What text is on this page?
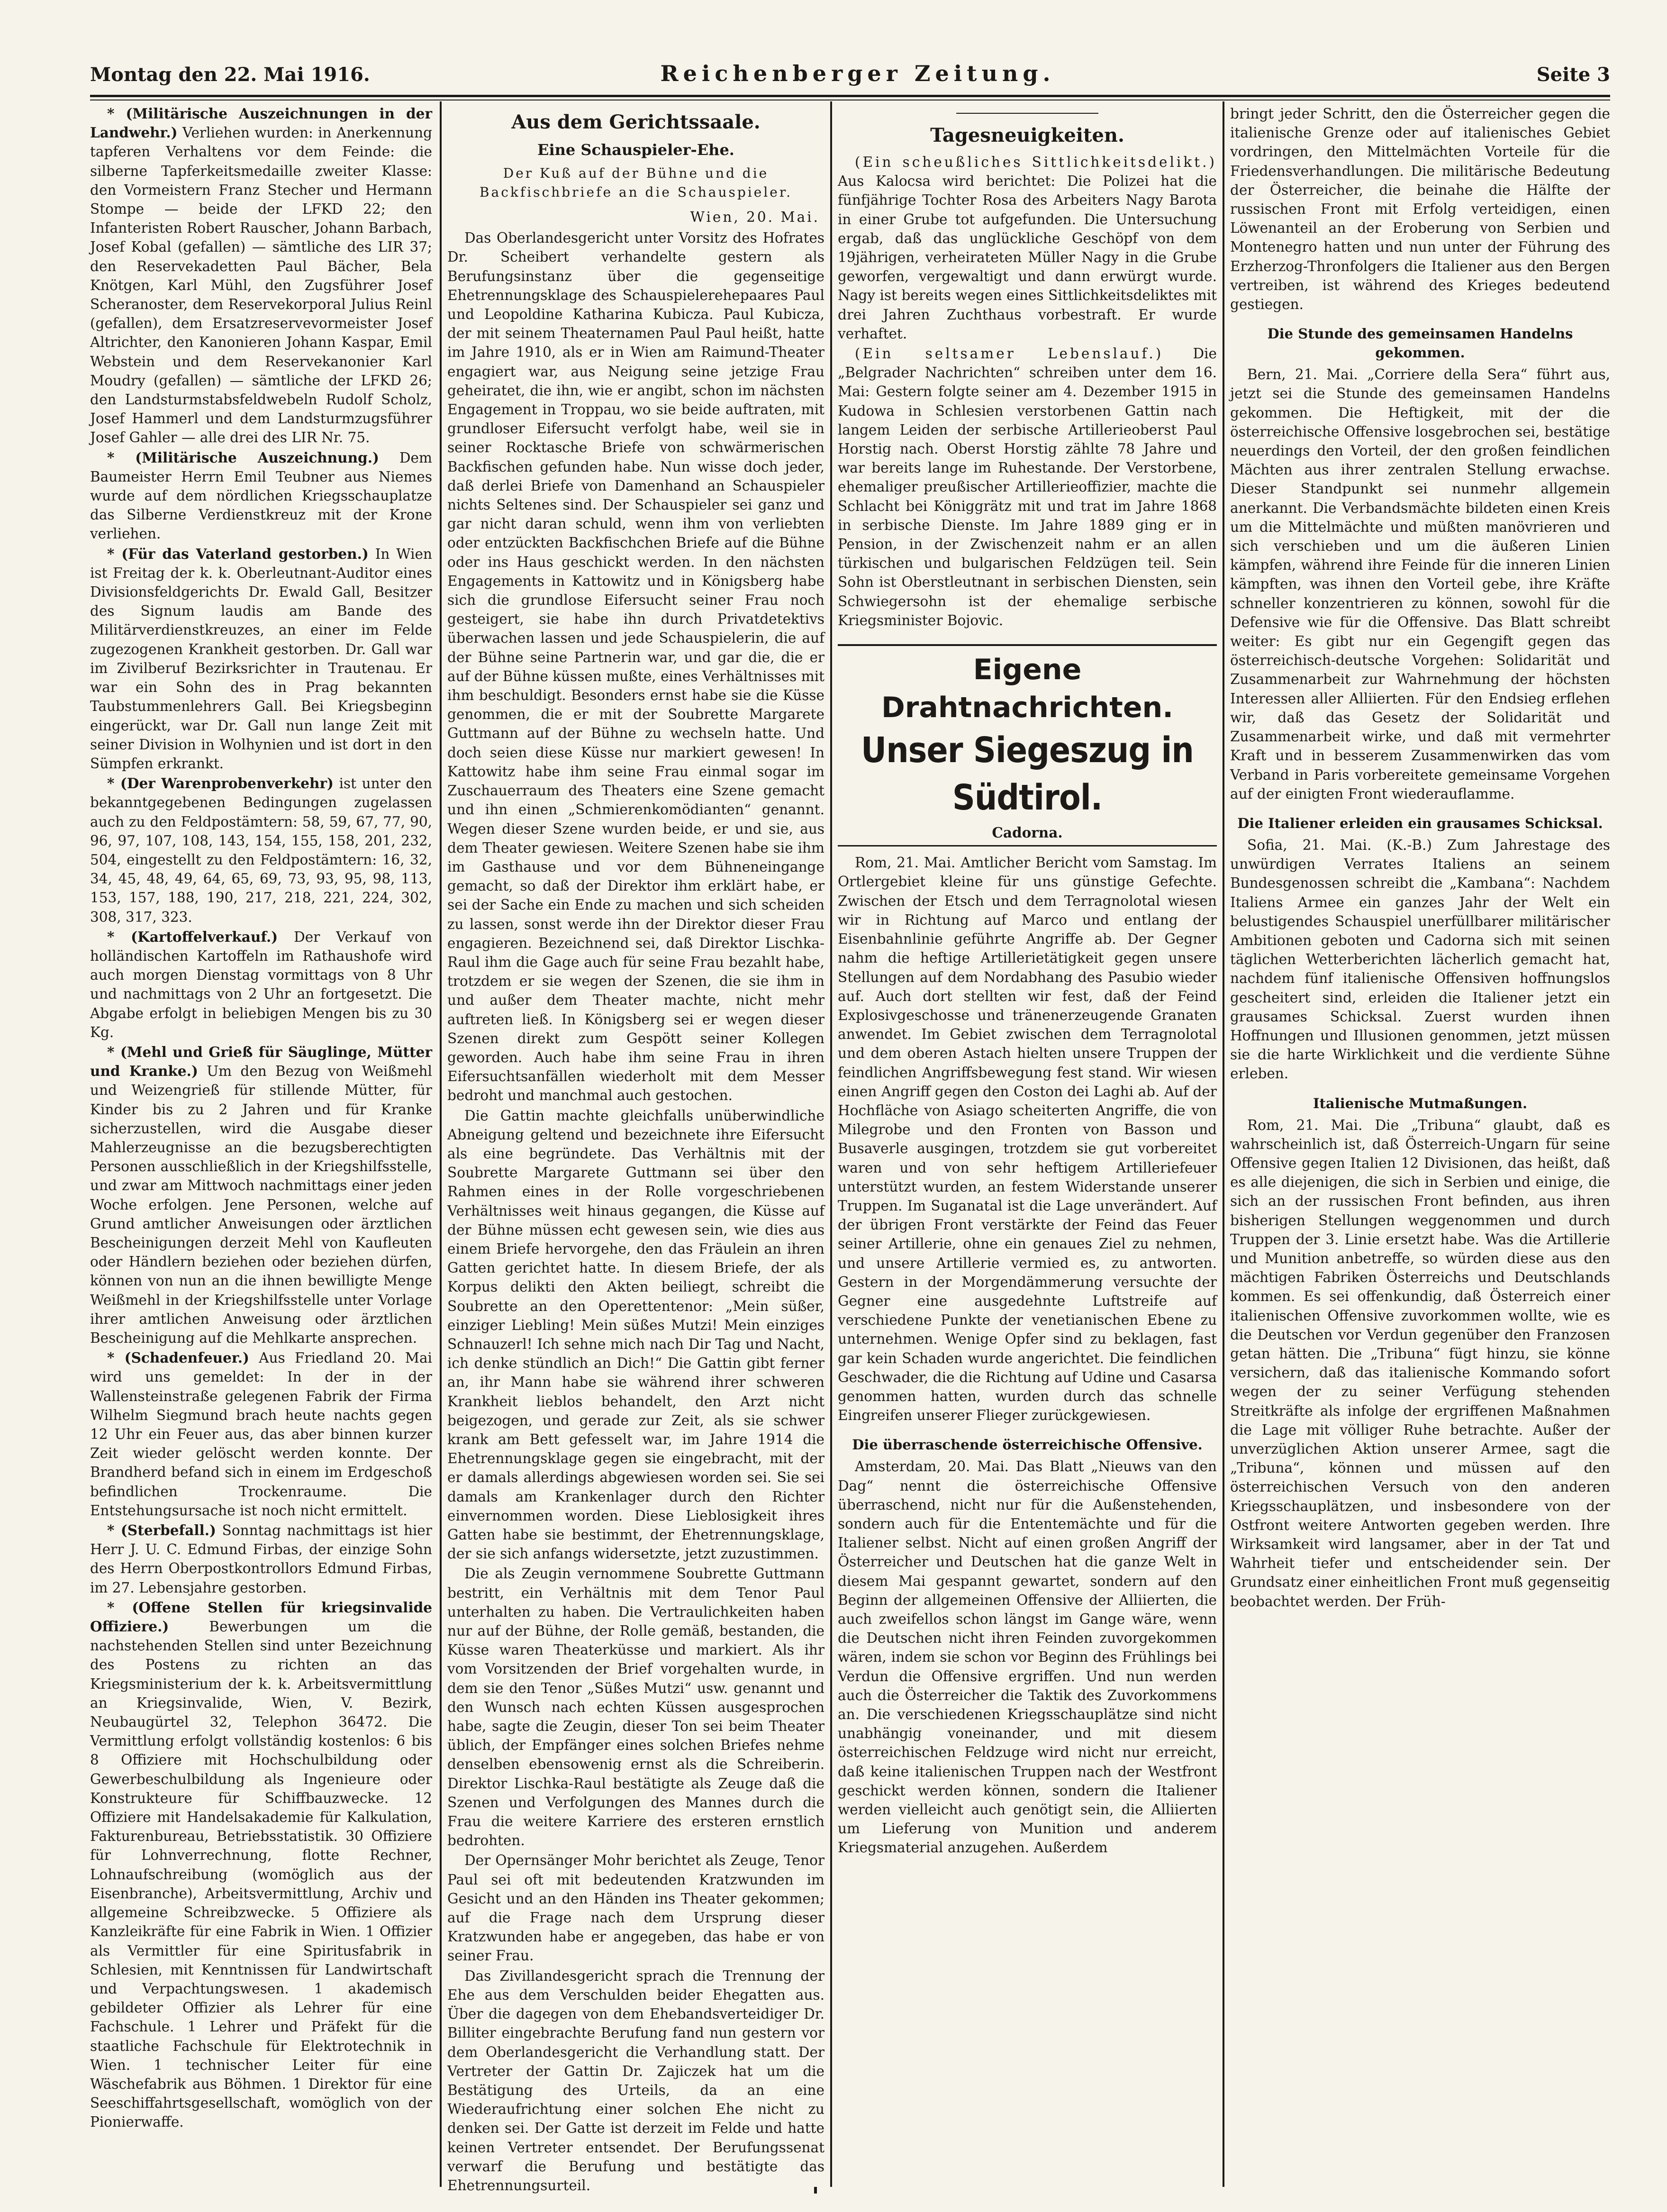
Montag den 22. Mai 1916.	Reichenberger Zeitung.	Seite 3

* (Militärische Auszeichnungen in der Landwehr.) Verliehen wurden: in Anerkennung tapferen Verhaltens vor dem Feinde: die silberne Tapferkeitsmedaille zweiter Klasse: den Vormeistern Franz Stecher und Hermann Stompe — beide der LFKD 22; den Infanteristen Robert Rauscher, Johann Barbach, Josef Kobal (gefallen) — sämtliche des LIR 37; den Reservekadetten Paul Bächer, Bela Knötgen, Karl Mühl, den Zugsführer Josef Scheranoster, dem Reservekorporal Julius Reinl (gefallen), dem Ersatzreservevormeister Josef Altrichter, den Kanonieren Johann Kaspar, Emil Webstein und dem Reservekanonier Karl Moudry (gefallen) — sämtliche der LFKD 26; den Landsturmstabsfeldwebeln Rudolf Scholz, Josef Hammerl und dem Landsturmzugsführer Josef Gahler — alle drei des LIR Nr. 75.

* (Militärische Auszeichnung.) Dem Baumeister Herrn Emil Teubner aus Niemes wurde auf dem nördlichen Kriegsschauplatze das Silberne Verdienstkreuz mit der Krone verliehen.

* (Für das Vaterland gestorben.) In Wien ist Freitag der k. k. Oberleutnant-Auditor eines Divisionsfeldgerichts Dr. Ewald Gall, Besitzer des Signum laudis am Bande des Militärverdienstkreuzes, an einer im Felde zugezogenen Krankheit gestorben. Dr. Gall war im Zivilberuf Bezirksrichter in Trautenau. Er war ein Sohn des in Prag bekannten Taubstummenlehrers Gall. Bei Kriegsbeginn eingerückt, war Dr. Gall nun lange Zeit mit seiner Division in Wolhynien und ist dort in den Sümpfen erkrankt.

* (Der Warenprobenverkehr) ist unter den bekanntgegebenen Bedingungen zugelassen auch zu den Feldpostämtern: 58, 59, 67, 77, 90, 96, 97, 107, 108, 143, 154, 155, 158, 201, 232, 504, eingestellt zu den Feldpostämtern: 16, 32, 34, 45, 48, 49, 64, 65, 69, 73, 93, 95, 98, 113, 153, 157, 188, 190, 217, 218, 221, 224, 302, 308, 317, 323.

* (Kartoffelverkauf.) Der Verkauf von holländischen Kartoffeln im Rathaushofe wird auch morgen Dienstag vormittags von 8 Uhr und nachmittags von 2 Uhr an fortgesetzt. Die Abgabe erfolgt in beliebigen Mengen bis zu 30 Kg.

* (Mehl und Grieß für Säuglinge, Mütter und Kranke.) Um den Bezug von Weißmehl und Weizengrieß für stillende Mütter, für Kinder bis zu 2 Jahren und für Kranke sicherzustellen, wird die Ausgabe dieser Mahlerzeugnisse an die bezugsberechtigten Personen ausschließlich in der Kriegshilfsstelle, und zwar am Mittwoch nachmittags einer jeden Woche erfolgen. Jene Personen, welche auf Grund amtlicher Anweisungen oder ärztlichen Bescheinigungen derzeit Mehl von Kaufleuten oder Händlern beziehen oder beziehen dürfen, können von nun an die ihnen bewilligte Menge Weißmehl in der Kriegshilfsstelle unter Vorlage ihrer amtlichen Anweisung oder ärztlichen Bescheinigung auf die Mehlkarte ansprechen.

* (Schadenfeuer.) Aus Friedland 20. Mai wird uns gemeldet: In der in der Wallensteinstraße gelegenen Fabrik der Firma Wilhelm Siegmund brach heute nachts gegen 12 Uhr ein Feuer aus, das aber binnen kurzer Zeit wieder gelöscht werden konnte. Der Brandherd befand sich in einem im Erdgeschoß befindlichen Trockenraume. Die Entstehungsursache ist noch nicht ermittelt.

* (Sterbefall.) Sonntag nachmittags ist hier Herr J. U. C. Edmund Firbas, der einzige Sohn des Herrn Oberpostkontrollors Edmund Firbas, im 27. Lebensjahre gestorben.

* (Offene Stellen für kriegsinvalide Offiziere.)	Bewerbungen um die nachstehenden Stellen sind unter Bezeichnung des Postens zu richten an das Kriegsministerium der k. k. Arbeitsvermittlung an Kriegsinvalide, Wien, V. Bezirk, Neubaugürtel 32, Telephon 36472. Die Vermittlung erfolgt vollständig kostenlos: 6 bis 8 Offiziere mit Hochschulbildung oder Gewerbeschulbildung als Ingenieure oder Konstrukteure für Schiffbauzwecke. 12 Offiziere mit Handelsakademie für Kalkulation, Fakturenbureau, Betriebsstatistik. 30 Offiziere für Lohnverrechnung, flotte Rechner, Lohnaufschreibung (womöglich aus der Eisenbranche), Arbeitsvermittlung, Archiv und allgemeine Schreibzwecke. 5 Offiziere als Kanzleikräfte für eine Fabrik in Wien. 1 Offizier als Vermittler für eine Spiritusfabrik in Schlesien, mit Kenntnissen für Landwirtschaft und Verpachtungswesen. 1 akademisch gebildeter Offizier als Lehrer für eine Fachschule. 1 Lehrer und Präfekt für die staatliche Fachschule für Elektrotechnik in Wien. 1 technischer Leiter für eine Wäschefabrik aus Böhmen. 1 Direktor für eine Seeschiffahrtsgesellschaft, womöglich von der Pionierwaffe.

Aus dem Gerichtssaale.
Eine Schauspieler-Ehe.
Der Kuß auf der Bühne und die Backfischbriefe an die Schauspieler.
Wien, 20. Mai.

Das Oberlandesgericht unter Vorsitz des Hofrates Dr. Scheibert verhandelte gestern als Berufungsinstanz über die gegenseitige Ehetrennungsklage des Schauspielerehepaares Paul und Leopoldine Katharina Kubicza. Paul Kubicza, der mit seinem Theaternamen Paul Paul heißt, hatte im Jahre 1910, als er in Wien am Raimund-Theater engagiert war, aus Neigung seine jetzige Frau geheiratet, die ihn, wie er angibt, schon im nächsten Engagement in Troppau, wo sie beide auftraten, mit grundloser Eifersucht verfolgt habe, weil sie in seiner Rocktasche Briefe von schwärmerischen Backfischen gefunden habe. Nun wisse doch jeder, daß derlei Briefe von Damenhand an Schauspieler nichts Seltenes sind. Der Schauspieler sei ganz und gar nicht daran schuld, wenn ihm von verliebten oder entzückten Backfischchen Briefe auf die Bühne oder ins Haus geschickt werden. In den nächsten Engagements in Kattowitz und in Königsberg habe sich die grundlose Eifersucht seiner Frau noch gesteigert, sie habe ihn durch Privatdetektivs überwachen lassen und jede Schauspielerin, die auf der Bühne seine Partnerin war, und gar die, die er auf der Bühne küssen mußte, eines Verhältnisses mit ihm beschuldigt. Besonders ernst habe sie die Küsse genommen, die er mit der Soubrette Margarete Guttmann auf der Bühne zu wechseln hatte. Und doch seien diese Küsse nur markiert gewesen! In Kattowitz habe ihm seine Frau einmal sogar im Zuschauerraum des Theaters eine Szene gemacht und ihn einen „Schmierenkomödianten“ genannt. Wegen dieser Szene wurden beide, er und sie, aus dem Theater gewiesen. Weitere Szenen habe sie ihm im Gasthause und vor dem Bühneneingange gemacht, so daß der Direktor ihm erklärt habe, er sei der Sache ein Ende zu machen und sich scheiden zu lassen, sonst werde ihn der Direktor dieser Frau engagieren. Bezeichnend sei, daß Direktor Lischka-Raul ihm die Gage auch für seine Frau bezahlt habe, trotzdem er sie wegen der Szenen, die sie ihm in und außer dem Theater machte, nicht mehr auftreten ließ. In Königsberg sei er wegen dieser Szenen direkt zum Gespött seiner Kollegen geworden. Auch habe ihm seine Frau in ihren Eifersuchtsanfällen wiederholt mit dem Messer bedroht und manchmal auch gestochen.

Die Gattin machte gleichfalls unüberwindliche Abneigung geltend und bezeichnete ihre Eifersucht als eine begründete. Das Verhältnis mit der Soubrette Margarete Guttmann sei über den Rahmen eines in der Rolle vorgeschriebenen Verhältnisses weit hinaus gegangen, die Küsse auf der Bühne müssen echt gewesen sein, wie dies aus einem Briefe hervorgehe, den das Fräulein an ihren Gatten gerichtet hatte. In diesem Briefe, der als Korpus delikti den Akten beiliegt, schreibt die Soubrette an den Operettentenor: „Mein süßer, einziger Liebling! Mein süßes Mutzi! Mein einziges Schnauzerl! Ich sehne mich nach Dir Tag und Nacht, ich denke stündlich an Dich!“ Die Gattin gibt ferner an, ihr Mann habe sie während ihrer schweren Krankheit lieblos behandelt, den Arzt nicht beigezogen, und gerade zur Zeit, als sie schwer krank am Bett gefesselt war, im Jahre 1914 die Ehetrennungsklage gegen sie eingebracht, mit der er damals allerdings abgewiesen worden sei. Sie sei damals am Krankenlager durch den Richter einvernommen worden. Diese Lieblosigkeit ihres Gatten habe sie bestimmt, der Ehetrennungsklage, der sie sich anfangs widersetzte, jetzt zuzustimmen.

Die als Zeugin vernommene Soubrette Guttmann bestritt, ein Verhältnis mit dem Tenor Paul unterhalten zu haben. Die Vertraulichkeiten haben nur auf der Bühne, der Rolle gemäß, bestanden, die Küsse waren Theaterküsse und markiert. Als ihr vom Vorsitzenden der Brief vorgehalten wurde, in dem sie den Tenor „Süßes Mutzi“ usw. genannt und den Wunsch nach echten Küssen ausgesprochen habe, sagte die Zeugin, dieser Ton sei beim Theater üblich, der Empfänger eines solchen Briefes nehme denselben ebensowenig ernst als die Schreiberin. Direktor Lischka-Raul bestätigte als Zeuge daß die Szenen und Verfolgungen des Mannes durch die Frau die weitere Karriere des ersteren ernstlich bedrohten.

Der Opernsänger Mohr berichtet als Zeuge, Tenor Paul sei oft mit bedeutenden Kratzwunden im Gesicht und an den Händen ins Theater gekommen; auf die Frage nach dem Ursprung dieser Kratzwunden habe er angegeben, das habe er von seiner Frau.

Das Zivillandesgericht sprach die Trennung der Ehe aus dem Verschulden beider Ehegatten aus. Über die dagegen von dem Ehebandsverteidiger Dr. Billiter eingebrachte Berufung fand nun gestern vor dem Oberlandesgericht die Verhandlung statt. Der Vertreter der Gattin Dr. Zajiczek hat um die Bestätigung des Urteils, da an eine Wiederaufrichtung einer solchen Ehe nicht zu denken sei. Der Gatte ist derzeit im Felde und hatte keinen Vertreter entsendet. Der Berufungssenat verwarf die Berufung und bestätigte das Ehetrennungsurteil.

Tagesneuigkeiten.

(Ein scheußliches Sittlichkeitsdelikt.) Aus Kalocsa wird berichtet: Die Polizei hat die fünfjährige Tochter Rosa des Arbeiters Nagy Barota in einer Grube tot aufgefunden. Die Untersuchung ergab, daß das unglückliche Geschöpf von dem 19jährigen, verheirateten Müller Nagy in die Grube geworfen, vergewaltigt und dann erwürgt wurde. Nagy ist bereits wegen eines Sittlichkeitsdeliktes mit drei Jahren Zuchthaus vorbestraft. Er wurde verhaftet.

(Ein seltsamer Lebenslauf.) Die „Belgrader Nachrichten“ schreiben unter dem 16. Mai: Gestern folgte seiner am 4. Dezember 1915 in Kudowa in Schlesien verstorbenen Gattin nach langem Leiden der serbische Artillerieoberst Paul Horstig nach. Oberst Horstig zählte 78 Jahre und war bereits lange im Ruhestande. Der Verstorbene, ehemaliger preußischer Artillerieoffizier, machte die Schlacht bei Königgrätz mit und trat im Jahre 1868 in serbische Dienste. Im Jahre 1889 ging er in Pension, in der Zwischenzeit nahm er an allen türkischen und bulgarischen Feldzügen teil. Sein Sohn ist Oberstleutnant in serbischen Diensten, sein Schwiegersohn ist der ehemalige serbische Kriegsminister Bojovic.

Eigene Drahtnachrichten.
Unser Siegeszug in Südtirol.
Cadorna.

Rom, 21. Mai. Amtlicher Bericht vom Samstag. Im Ortlergebiet kleine für uns günstige Gefechte. Zwischen der Etsch und dem Terragnolotal wiesen wir in Richtung auf Marco und entlang der Eisenbahnlinie geführte Angriffe ab. Der Gegner nahm die heftige Artillerietätigkeit gegen unsere Stellungen auf dem Nordabhang des Pasubio wieder auf. Auch dort stellten wir fest, daß der Feind Explosivgeschosse und tränenerzeugende Granaten anwendet. Im Gebiet zwischen dem Terragnolotal und dem oberen Astach hielten unsere Truppen der feindlichen Angriffsbewegung fest stand. Wir wiesen einen Angriff gegen den Coston dei Laghi ab. Auf der Hochfläche von Asiago scheiterten Angriffe, die von Milegrobe und den Fronten von Basson und Busaverle ausgingen, trotzdem sie gut vorbereitet waren und von sehr heftigem Artilleriefeuer unterstützt wurden, an festem Widerstande unserer Truppen. Im Suganatal ist die Lage unverändert. Auf der übrigen Front verstärkte der Feind das Feuer seiner Artillerie, ohne ein genaues Ziel zu nehmen, und unsere Artillerie vermied es, zu antworten. Gestern in der Morgendämmerung versuchte der Gegner eine ausgedehnte Luftstreife auf verschiedene Punkte der venetianischen Ebene zu unternehmen. Wenige Opfer sind zu beklagen, fast gar kein Schaden wurde angerichtet. Die feindlichen Geschwader, die die Richtung auf Udine und Casarsa genommen hatten, wurden durch das schnelle Eingreifen unserer Flieger zurückgewiesen.

Die überraschende österreichische Offensive.

Amsterdam, 20. Mai. Das Blatt „Nieuws van den Dag“ nennt die österreichische Offensive überraschend, nicht nur für die Außenstehenden, sondern auch für die Ententemächte und für die Italiener selbst. Nicht auf einen großen Angriff der Österreicher und Deutschen hat die ganze Welt in diesem Mai gespannt gewartet, sondern auf den Beginn der allgemeinen Offensive der Alliierten, die auch zweifellos schon längst im Gange wäre, wenn die Deutschen nicht ihren Feinden zuvorgekommen wären, indem sie schon vor Beginn des Frühlings bei Verdun die Offensive ergriffen. Und nun werden auch die Österreicher die Taktik des Zuvorkommens an. Die verschiedenen Kriegsschauplätze sind nicht unabhängig voneinander, und mit diesem österreichischen Feldzuge wird nicht nur erreicht, daß keine italienischen Truppen nach der Westfront geschickt werden können, sondern die Italiener werden vielleicht auch genötigt sein, die Alliierten um Lieferung von Munition und anderem Kriegsmaterial anzugehen. Außerdem

bringt jeder Schritt, den die Österreicher gegen die italienische Grenze oder auf italienisches Gebiet vordringen, den Mittelmächten Vorteile für die Friedensverhandlungen. Die militärische Bedeutung der Österreicher, die beinahe die Hälfte der russischen Front mit Erfolg verteidigen, einen Löwenanteil an der Eroberung von Serbien und Montenegro hatten und nun unter der Führung des Erzherzog-Thronfolgers die Italiener aus den Bergen vertreiben, ist während des Krieges bedeutend gestiegen.

Die Stunde des gemeinsamen Handelns gekommen.

Bern, 21. Mai. „Corriere della Sera“ führt aus, jetzt sei die Stunde des gemeinsamen Handelns gekommen. Die Heftigkeit, mit der die österreichische Offensive losgebrochen sei, bestätige neuerdings den Vorteil, der den großen feindlichen Mächten aus ihrer zentralen Stellung erwachse. Dieser Standpunkt sei nunmehr allgemein anerkannt. Die Verbandsmächte bildeten einen Kreis um die Mittelmächte und müßten manövrieren und sich verschieben und um die äußeren Linien kämpfen, während ihre Feinde für die inneren Linien kämpften, was ihnen den Vorteil gebe, ihre Kräfte schneller konzentrieren zu können, sowohl für die Defensive wie für die Offensive. Das Blatt schreibt weiter: Es gibt nur ein Gegengift gegen das österreichisch-deutsche Vorgehen: Solidarität und Zusammenarbeit zur Wahrnehmung der höchsten Interessen aller Alliierten. Für den Endsieg erflehen wir, daß das Gesetz der Solidarität und Zusammenarbeit wirke, und daß mit vermehrter Kraft und in besserem Zusammenwirken das vom Verband in Paris vorbereitete gemeinsame Vorgehen auf der einigten Front wiederauflamme.

Die Italiener erleiden ein grausames Schicksal.

Sofia, 21. Mai. (K.-B.) Zum Jahrestage des unwürdigen Verrates Italiens an seinem Bundesgenossen schreibt die „Kambana“: Nachdem Italiens Armee ein ganzes Jahr der Welt ein belustigendes Schauspiel unerfüllbarer militärischer Ambitionen geboten und Cadorna sich mit seinen täglichen Wetterberichten lächerlich gemacht hat, nachdem fünf italienische Offensiven hoffnungslos gescheitert sind, erleiden die Italiener jetzt ein grausames Schicksal. Zuerst wurden ihnen Hoffnungen und Illusionen genommen, jetzt müssen sie die harte Wirklichkeit und die verdiente Sühne erleben.

Italienische Mutmaßungen.

Rom, 21. Mai. Die „Tribuna“ glaubt, daß es wahrscheinlich ist, daß Österreich-Ungarn für seine Offensive gegen Italien 12 Divisionen, das heißt, daß es alle diejenigen, die sich in Serbien und einige, die sich an der russischen Front befinden, aus ihren bisherigen Stellungen weggenommen und durch Truppen der 3. Linie ersetzt habe. Was die Artillerie und Munition anbetreffe, so würden diese aus den mächtigen Fabriken Österreichs und Deutschlands kommen. Es sei offenkundig, daß Österreich einer italienischen Offensive zuvorkommen wollte, wie es die Deutschen vor Verdun gegenüber den Franzosen getan hätten. Die „Tribuna“ fügt hinzu, sie könne versichern, daß das italienische Kommando sofort wegen der zu seiner Verfügung stehenden Streitkräfte als infolge der ergriffenen Maßnahmen die Lage mit völliger Ruhe betrachte. Außer der unverzüglichen Aktion unserer Armee, sagt die „Tribuna“, können und müssen auf den österreichischen Versuch von den anderen Kriegsschauplätzen, und insbesondere von der Ostfront weitere Antworten gegeben werden. Ihre Wirksamkeit wird langsamer, aber in der Tat und Wahrheit tiefer und entscheidender sein. Der Grundsatz einer einheitlichen Front muß gegenseitig beobachtet werden. Der Früh-
